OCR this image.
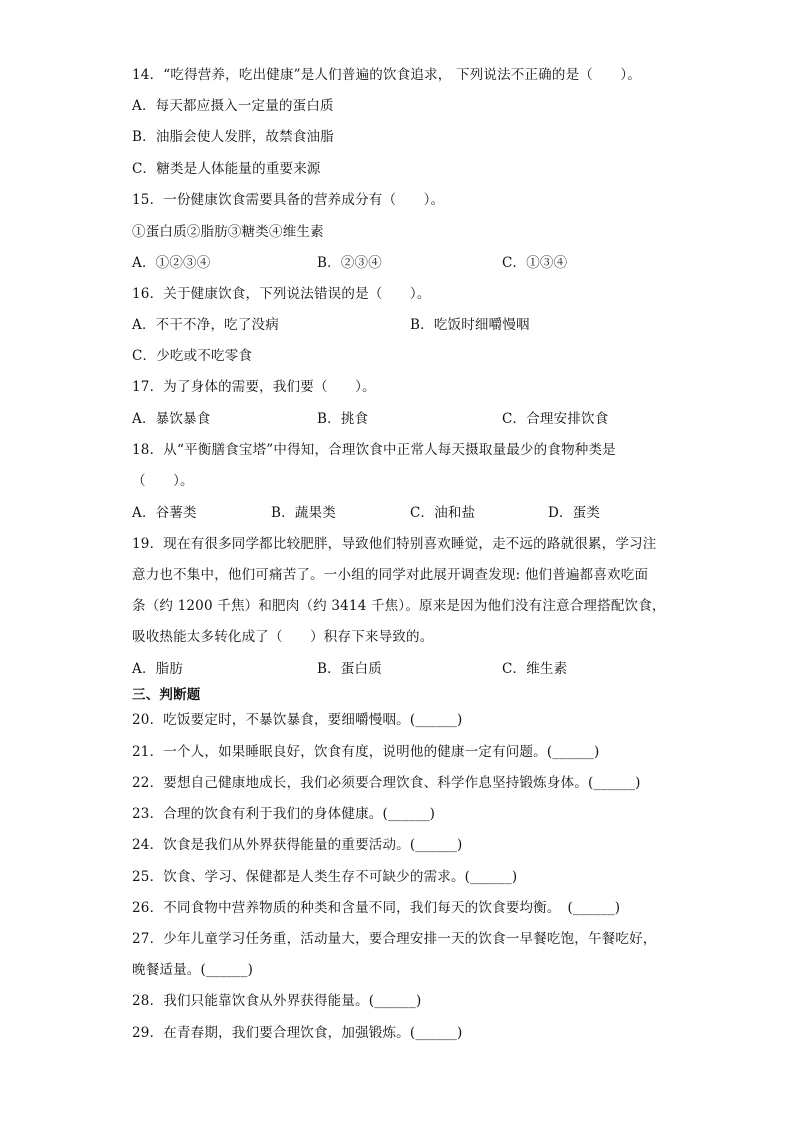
14．“吃得营养，吃出健康”是人们普遍的饮食追求， 下列说法不正确的是（　　）。
A．每天都应摄入一定量的蛋白质
B．油脂会使人发胖，故禁食油脂
C．糖类是人体能量的重要来源
15．一份健康饮食需要具备的营养成分有（　　）。
①蛋白质②脂肪③糖类④维生素
A．①②③④	B．②③④	C．①③④
16．关于健康饮食，下列说法错误的是（　　）。
A．不干不净，吃了没病	B．吃饭时细嚼慢咽
C．少吃或不吃零食
17．为了身体的需要，我们要（　　）。
A．暴饮暴食	B．挑食	C．合理安排饮食
18．从“平衡膳食宝塔”中得知，合理饮食中正常人每天摄取量最少的食物种类是
（　　）。
A．谷薯类	B．蔬果类	C．油和盐	D．蛋类
19．现在有很多同学都比较肥胖，导致他们特别喜欢睡觉，走不远的路就很累，学习注
意力也不集中，他们可痛苦了。一小组的同学对此展开调查发现: 他们普遍都喜欢吃面
条（约 1200 千焦）和肥肉（约 3414 千焦）。原来是因为他们没有注意合理搭配饮食，
吸收热能太多转化成了（　　）积存下来导致的。
A．脂肪	B．蛋白质	C．维生素
三、判断题
20．吃饭要定时，不暴饮暴食，要细嚼慢咽。(______)
21．一个人，如果睡眠良好，饮食有度，说明他的健康一定有问题。(______)
22．要想自己健康地成长，我们必须要合理饮食、科学作息坚持锻炼身体。(______)
23．合理的饮食有利于我们的身体健康。(______)
24．饮食是我们从外界获得能量的重要活动。(______)
25．饮食、学习、保健都是人类生存不可缺少的需求。(______)
26．不同食物中营养物质的种类和含量不同，我们每天的饮食要均衡。　(______)
27．少年儿童学习任务重，活动量大，要合理安排一天的饮食一早餐吃饱，午餐吃好，
晚餐适量。(______)
28．我们只能靠饮食从外界获得能量。(______)
29．在青春期，我们要合理饮食，加强锻炼。(______)
